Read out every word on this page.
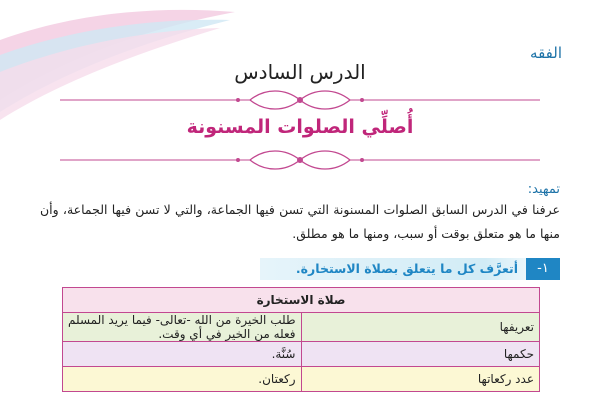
الفقه
الدرس السادس
أُصلِّي الصلوات المسنونة
تمهيد:

عرفنا في الدرس السابق الصلوات المسنونة التي تسن فيها الجماعة، والتي لا تسن فيها الجماعة، وأن منها ما هو متعلق بوقت أو سبب، ومنها ما هو مطلق.

١-
أتعرَّف كل ما يتعلق بصلاة الاستخارة.
صلاة الاستخارة	
تعريفها	طلب الخيرة من الله -تعالى- فيما يريد المسلم فعله من الخير في أي وقت.
حكمها	سُنَّة.
عدد ركعاتها	ركعتان.
